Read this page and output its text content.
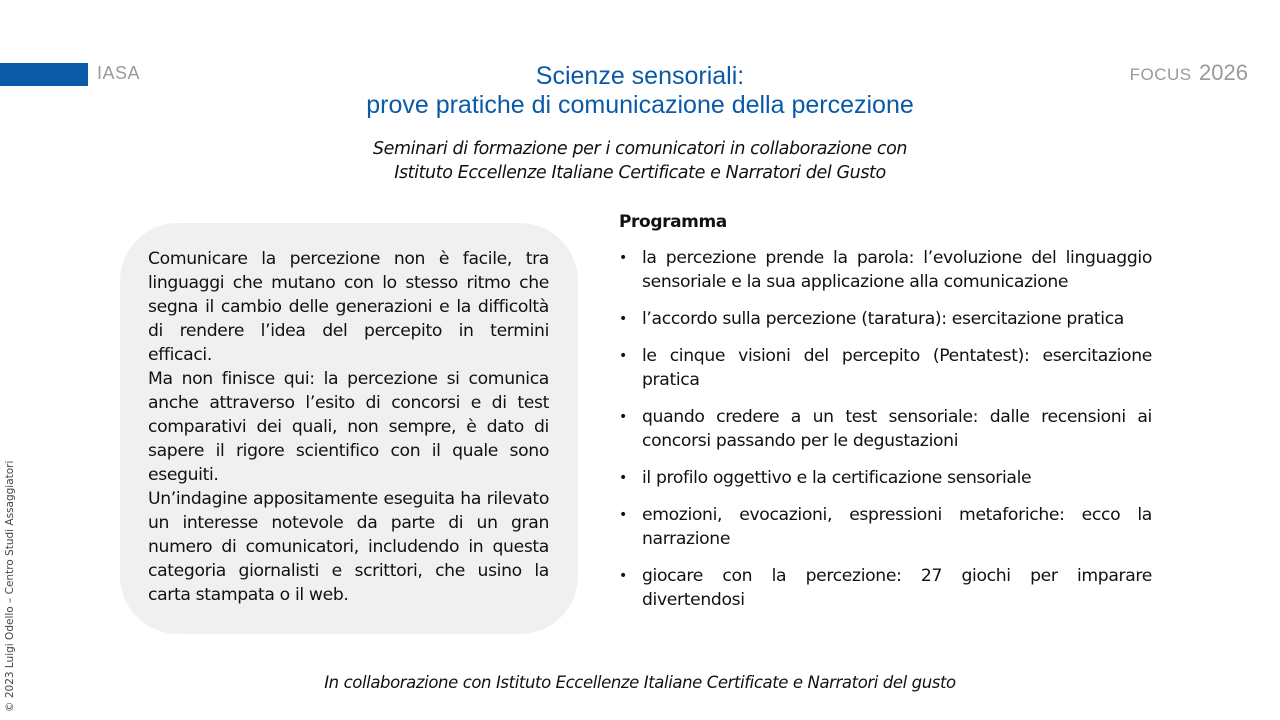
IASA	FOCUS 2026
Scienze sensoriali:
prove pratiche di comunicazione della percezione
Seminari di formazione per i comunicatori in collaborazione con
Istituto Eccellenze Italiane Certificate e Narratori del Gusto

Comunicare la percezione non è facile, tra linguaggi che mutano con lo stesso ritmo che segna il cambio delle generazioni e la difficoltà di rendere l’idea del percepito in termini efficaci.

Ma non finisce qui: la percezione si comunica anche attraverso l’esito di concorsi e di test comparativi dei quali, non sempre, è dato di sapere il rigore scientifico con il quale sono eseguiti.

Un’indagine appositamente eseguita ha rilevato un interesse notevole da parte di un gran numero di comunicatori, includendo in questa categoria giornalisti e scrittori, che usino la carta stampata o il web.

Programma
• la percezione prende la parola: l’evoluzione del linguaggio sensoriale e la sua applicazione alla comunicazione
• l’accordo sulla percezione (taratura): esercitazione pratica
• le cinque visioni del percepito (Pentatest): esercitazione pratica
• quando credere a un test sensoriale: dalle recensioni ai concorsi passando per le degustazioni
• il profilo oggettivo e la certificazione sensoriale
• emozioni, evocazioni, espressioni metaforiche: ecco la narrazione
• giocare con la percezione: 27 giochi per imparare divertendosi
In collaborazione con Istituto Eccellenze Italiane Certificate e Narratori del gusto
© 2023 Luigi Odello – Centro Studi Assaggiatori
